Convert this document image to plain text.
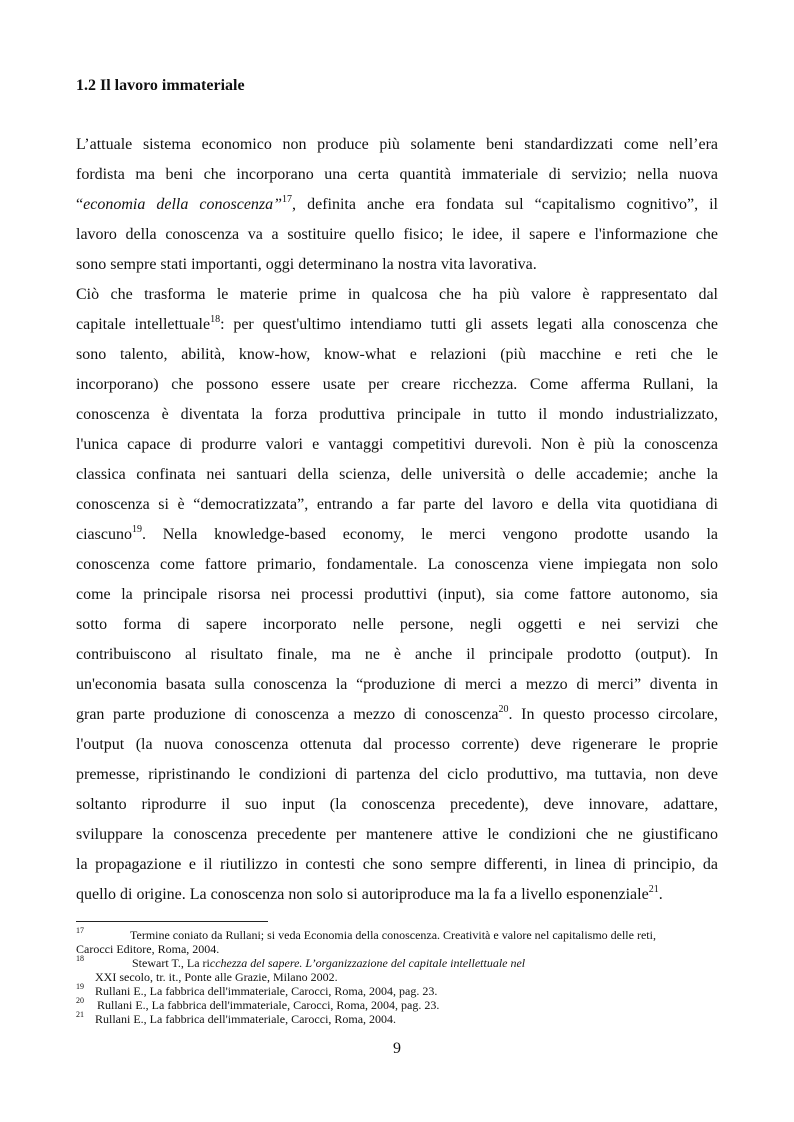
1.2 Il lavoro immateriale
L’attuale sistema economico non produce più solamente beni standardizzati come nell’era
fordista ma beni che incorporano una certa quantità immateriale di servizio; nella nuova
“economia della conoscenza”$^{17}$, definita anche era fondata sul “capitalismo cognitivo”, il
lavoro della conoscenza va a sostituire quello fisico; le idee, il sapere e l'informazione che
sono sempre stati importanti, oggi determinano la nostra vita lavorativa.
Ciò che trasforma le materie prime in qualcosa che ha più valore è rappresentato dal
capitale intellettuale$^{18}$: per quest'ultimo intendiamo tutti gli assets legati alla conoscenza che
sono talento, abilità, know-how, know-what e relazioni (più macchine e reti che le
incorporano) che possono essere usate per creare ricchezza. Come afferma Rullani, la
conoscenza è diventata la forza produttiva principale in tutto il mondo industrializzato,
l'unica capace di produrre valori e vantaggi competitivi durevoli. Non è più la conoscenza
classica confinata nei santuari della scienza, delle università o delle accademie; anche la
conoscenza si è “democratizzata”, entrando a far parte del lavoro e della vita quotidiana di
ciascuno$^{19}$. Nella knowledge-based economy, le merci vengono prodotte usando la
conoscenza come fattore primario, fondamentale. La conoscenza viene impiegata non solo
come la principale risorsa nei processi produttivi (input), sia come fattore autonomo, sia
sotto forma di sapere incorporato nelle persone, negli oggetti e nei servizi che
contribuiscono al risultato finale, ma ne è anche il principale prodotto (output). In
un'economia basata sulla conoscenza la “produzione di merci a mezzo di merci” diventa in
gran parte produzione di conoscenza a mezzo di conoscenza$^{20}$. In questo processo circolare,
l'output (la nuova conoscenza ottenuta dal processo corrente) deve rigenerare le proprie
premesse, ripristinando le condizioni di partenza del ciclo produttivo, ma tuttavia, non deve
soltanto riprodurre il suo input (la conoscenza precedente), deve innovare, adattare,
sviluppare la conoscenza precedente per mantenere attive le condizioni che ne giustificano
la propagazione e il riutilizzo in contesti che sono sempre differenti, in linea di principio, da
quello di origine. La conoscenza non solo si autoriproduce ma la fa a livello esponenziale$^{21}$.
17	Termine coniato da Rullani; si veda Economia della conoscenza. Creatività e valore nel capitalismo delle reti,
Carocci Editore, Roma, 2004.
18	Stewart T., La ricchezza del sapere. L’organizzazione del capitale intellettuale nel
XXI secolo, tr. it., Ponte alle Grazie, Milano 2002.
19 Rullani E., La fabbrica dell'immateriale, Carocci, Roma, 2004, pag. 23.
20	Rullani E., La fabbrica dell'immateriale, Carocci, Roma, 2004, pag. 23.
21 Rullani E., La fabbrica dell'immateriale, Carocci, Roma, 2004.
9
